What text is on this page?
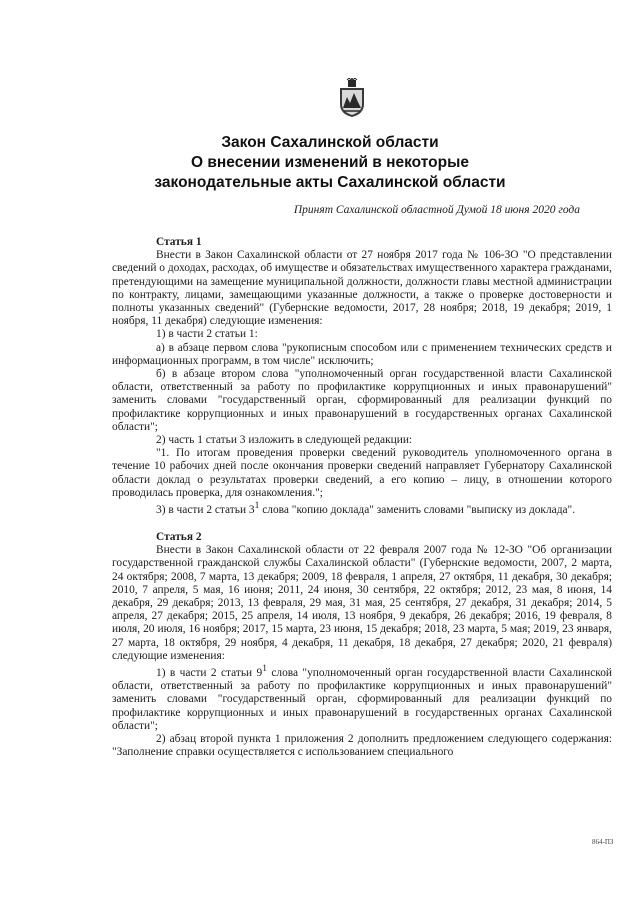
Закон Сахалинской области
О внесении изменений в некоторые
законодательные акты Сахалинской области
Принят Сахалинской областной Думой 18 июня 2020 года

Статья 1

Внести в Закон Сахалинской области от 27 ноября 2017 года № 106-ЗО "О представлении сведений о доходах, расходах, об имуществе и обязательствах имущественного характера гражданами, претендующими на замещение муниципальной должности, должности главы местной администрации по контракту, лицами, замещающими указанные должности, а также о проверке достоверности и полноты указанных сведений" (Губернские ведомости, 2017, 28 ноября; 2018, 19 декабря; 2019, 1 ноября, 11 декабря) следующие изменения:

1) в части 2 статьи 1:

а) в абзаце первом слова "рукописным способом или с применением технических средств и информационных программ, в том числе" исключить;

б) в абзаце втором слова "уполномоченный орган государственной власти Сахалинской области, ответственный за работу по профилактике коррупционных и иных правонарушений" заменить словами "государственный орган, сформированный для реализации функций по профилактике коррупционных и иных правонарушений в государственных органах Сахалинской области";

2) часть 1 статьи 3 изложить в следующей редакции:

"1. По итогам проведения проверки сведений руководитель уполномоченного органа в течение 10 рабочих дней после окончания проверки сведений направляет Губернатору Сахалинской области доклад о результатах проверки сведений, а его копию – лицу, в отношении которого проводилась проверка, для ознакомления.";

3) в части 2 статьи $3^1$ слова "копию доклада" заменить словами "выписку из доклада".

Статья 2

Внести в Закон Сахалинской области от 22 февраля 2007 года № 12-ЗО "Об организации государственной гражданской службы Сахалинской области" (Губернские ведомости, 2007, 2 марта, 24 октября; 2008, 7 марта, 13 декабря; 2009, 18 февраля, 1 апреля, 27 октября, 11 декабря, 30 декабря; 2010, 7 апреля, 5 мая, 16 июня; 2011, 24 июня, 30 сентября, 22 октября; 2012, 23 мая, 8 июня, 14 декабря, 29 декабря; 2013, 13 февраля, 29 мая, 31 мая, 25 сентября, 27 декабря, 31 декабря; 2014, 5 апреля, 27 декабря; 2015, 25 апреля, 14 июля, 13 ноября, 9 декабря, 26 декабря; 2016, 19 февраля, 8 июля, 20 июля, 16 ноября; 2017, 15 марта, 23 июня, 15 декабря; 2018, 23 марта, 5 мая; 2019, 23 января, 27 марта, 18 октября, 29 ноября, 4 декабря, 11 декабря, 18 декабря, 27 декабря; 2020, 21 февраля) следующие изменения:

1) в части 2 статьи $9^1$ слова "уполномоченный орган государственной власти Сахалинской области, ответственный за работу по профилактике коррупционных и иных правонарушений" заменить словами "государственный орган, сформированный для реализации функций по профилактике коррупционных и иных правонарушений в государственных органах Сахалинской области";

2) абзац второй пункта 1 приложения 2 дополнить предложением следующего содержания: "Заполнение справки осуществляется с использованием специального

864-ПЗ
